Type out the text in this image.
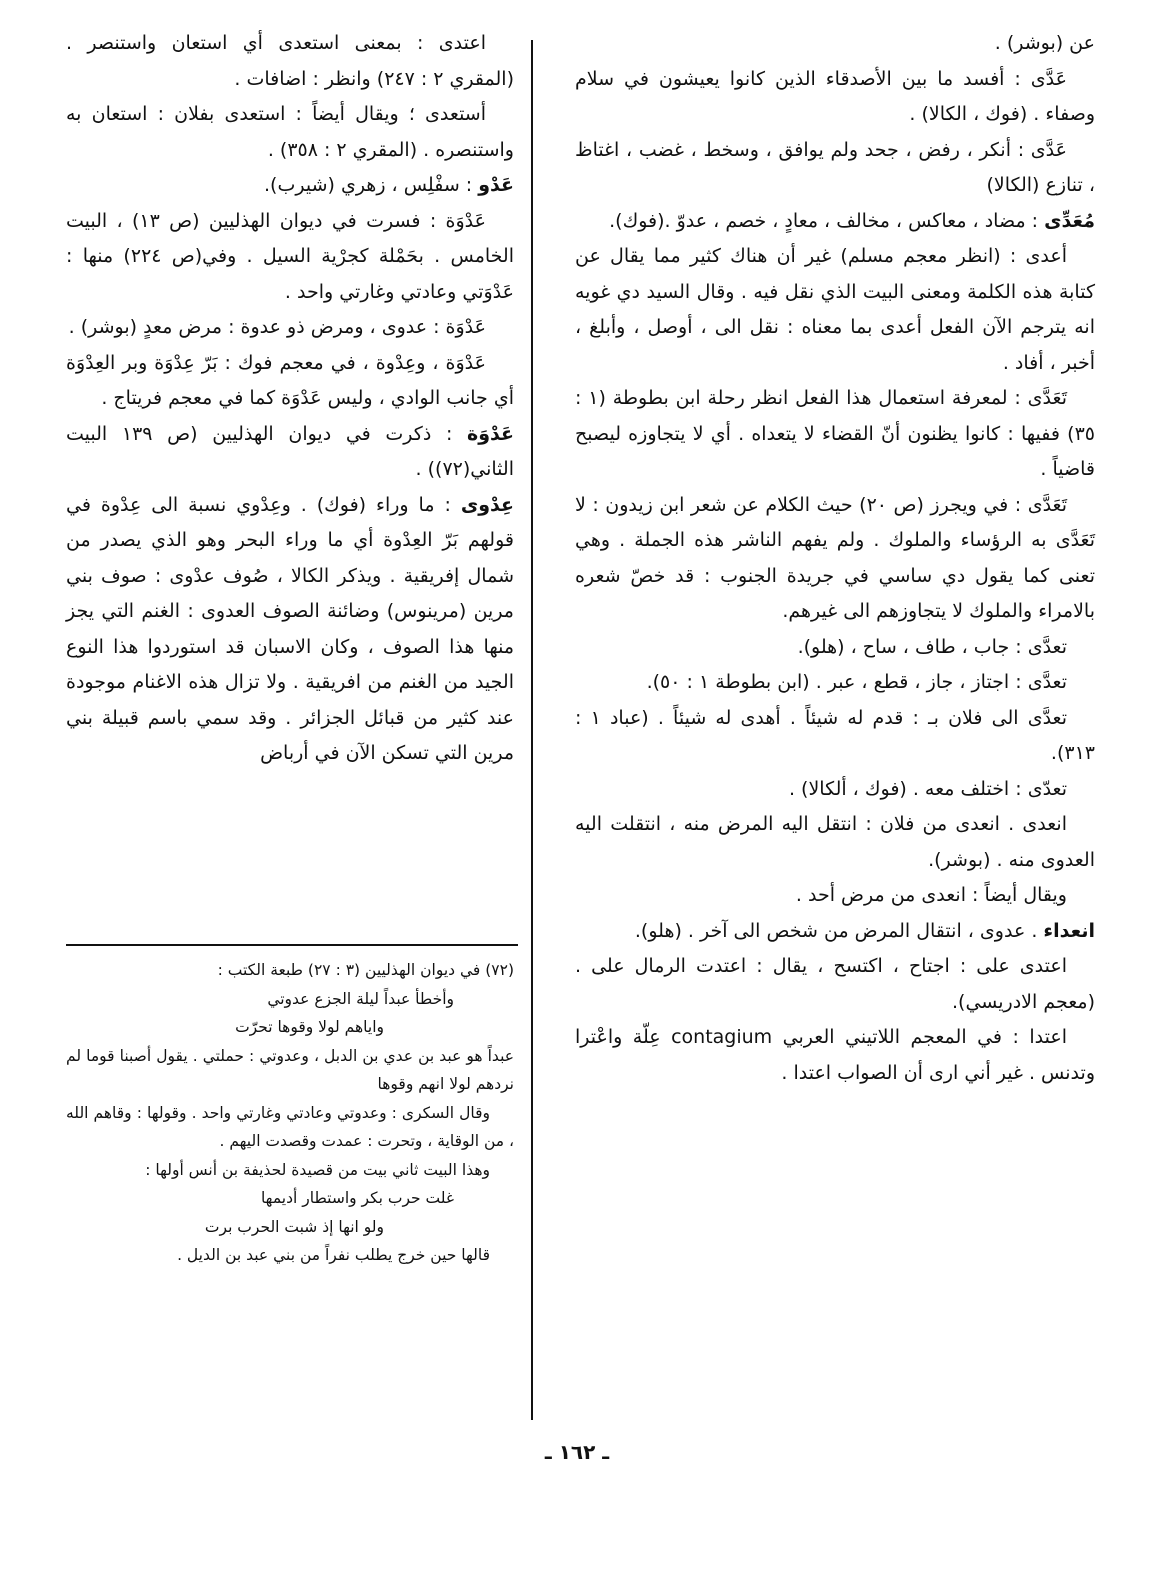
عن (بوشر) .

عَدَّى : أفسد ما بين الأصدقاء الذين كانوا يعيشون في سلام وصفاء . (فوك ، الكالا) .

عَدَّى : أنكر ، رفض ، جحد ولم يوافق ، وسخط ، غضب ، اغتاظ ، تنازع (الكالا)

مُعَدِّى : مضاد ، معاكس ، مخالف ، معادٍ ، خصم ، عدوّ .(فوك).

أعدى : (انظر معجم مسلم) غير أن هناك كثير مما يقال عن كتابة هذه الكلمة ومعنى البيت الذي نقل فيه . وقال السيد دي غويه انه يترجم الآن الفعل أعدى بما معناه : نقل الى ، أوصل ، وأبلغ ، أخبر ، أفاد .

تَعَدَّى : لمعرفة استعمال هذا الفعل انظر رحلة ابن بطوطة (١ : ٣٥) ففيها : كانوا يظنون أنّ القضاء لا يتعداه . أي لا يتجاوزه ليصبح قاضياً .

تَعَدَّى : في ويجرز (ص ٢٠) حيث الكلام عن شعر ابن زيدون : لا تَعَدَّى به الرؤساء والملوك . ولم يفهم الناشر هذه الجملة . وهي تعنى كما يقول دي ساسي في جريدة الجنوب : قد خصّ شعره بالامراء والملوك لا يتجاوزهم الى غيرهم.

تعدَّى : جاب ، طاف ، ساح ، (هلو).

تعدَّى : اجتاز ، جاز ، قطع ، عبر . (ابن بطوطة ١ : ٥٠).

تعدَّى الى فلان بـ : قدم له شيئاً . أهدى له شيئاً . (عباد ١ : ٣١٣).

تعدّى : اختلف معه . (فوك ، ألكالا) .

انعدى . انعدى من فلان : انتقل اليه المرض منه ، انتقلت اليه العدوى منه . (بوشر).

ويقال أيضاً : انعدى من مرض أحد .

انعداء . عدوى ، انتقال المرض من شخص الى آخر . (هلو).

اعتدى على : اجتاح ، اكتسح ، يقال : اعتدت الرمال على . (معجم الادريسي).

اعتدا : في المعجم اللاتيني العربي contagium عِلّة واعْترا وتدنس . غير أني ارى أن الصواب اعتدا .

اعتدى : بمعنى استعدى أي استعان واستنصر . (المقري ٢ : ٢٤٧) وانظر : اضافات .

أستعدى ؛ ويقال أيضاً : استعدى بفلان : استعان به واستنصره . (المقري ٢ : ٣٥٨) .

عَدْو : سفْلِس ، زهري (شيرب).

عَدْوَة : فسرت في ديوان الهذليين (ص ١٣) ، البيت الخامس . بحَمْلة كجرْية السيل . وفي(ص ٢٢٤) منها : عَدْوَتي وعادتي وغارتي واحد .

عَدْوَة : عدوى ، ومرض ذو عدوة : مرض معدٍ (بوشر) .

عَدْوَة ، وعِدْوة ، في معجم فوك : بَرّ عِدْوَة وبر العِدْوَة أي جانب الوادي ، وليس عَدْوَة كما في معجم فريتاج .

عَدْوَة : ذكرت في ديوان الهذليين (ص ١٣٩ البيت الثاني(٧٢)) .

عِدْوى : ما وراء (فوك) . وعِدْوي نسبة الى عِدْوة في قولهم بَرّ العِدْوة أي ما وراء البحر وهو الذي يصدر من شمال إفريقية . ويذكر الكالا ، صُوف عدْوى : صوف بني مرين (مرينوس) وضائنة الصوف العدوى : الغنم التي يجز منها هذا الصوف ، وكان الاسبان قد استوردوا هذا النوع الجيد من الغنم من افريقية . ولا تزال هذه الاغنام موجودة عند كثير من قبائل الجزائر . وقد سمي باسم قبيلة بني مرين التي تسكن الآن في أرباض

(٧٢) في ديوان الهذليين (٣ : ٢٧) طبعة الكتب :

وأخطأ عبداً ليلة الجزع عدوتي

واياهم لولا وقوها تحرّت

عبداً هو عبد بن عدي بن الدبل ، وعدوتي : حملتي . يقول أصبنا قوما لم نردهم لولا انهم وقوها

وقال السكرى : وعدوتي وعادتي وغارتي واحد . وقولها : وقاهم الله ، من الوقاية ، وتحرت : عمدت وقصدت اليهم .

وهذا البيت ثاني بيت من قصيدة لحذيفة بن أنس أولها :

غلت حرب بكر واستطار أديمها

ولو انها إذ شبت الحرب برت

قالها حين خرج يطلب نفراً من بني عبد بن الديل .

ـ ١٦٢ ـ
